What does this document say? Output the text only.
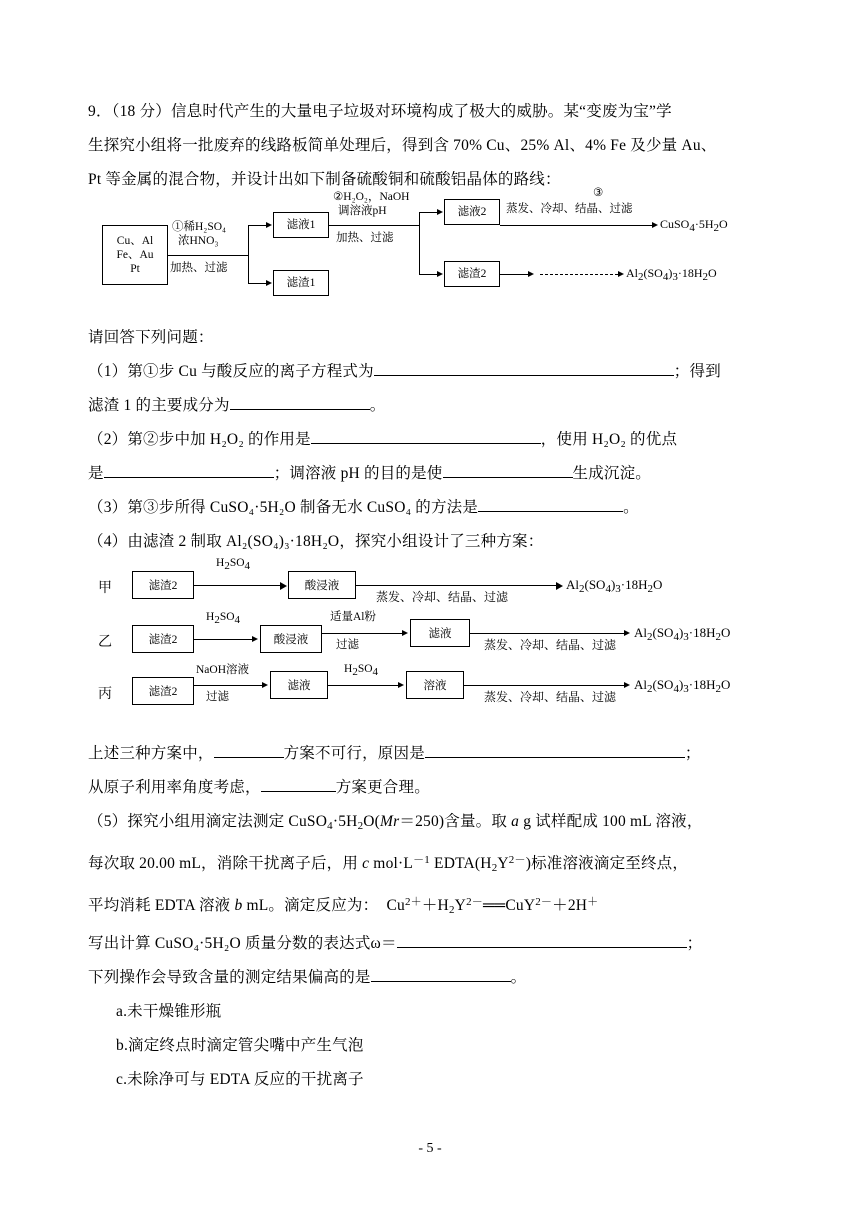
9．（18 分）信息时代产生的大量电子垃圾对环境构成了极大的威胁。某“变废为宝”学
生探究小组将一批废弃的线路板简单处理后，得到含 70% Cu、25% Al、4% Fe 及少量 Au、
Pt 等金属的混合物，并设计出如下制备硫酸铜和硫酸铝晶体的路线：
Cu、Al
Fe、Au
Pt
①稀H₂SO₄
浓HNO₃
加热、过滤
滤液1
滤渣1
②H₂O₂，NaOH
调溶液pH
加热、过滤
滤液2
滤渣2
③
蒸发、冷却、结晶、过滤
CuSO4·5H2O
Al2(SO4)3·18H2O
请回答下列问题：
（1）第①步 Cu 与酸反应的离子方程式为	；得到
滤渣 1 的主要成分为	。
（2）第②步中加 H₂O₂ 的作用是	，使用 H₂O₂ 的优点
是	；调溶液 pH 的目的是使	生成沉淀。
（3）第③步所得 CuSO₄·5H₂O 制备无水 CuSO₄ 的方法是	。
（4）由滤渣 2 制取 Al₂(SO₄)₃·18H₂O，探究小组设计了三种方案：
甲	滤渣2
H2SO4
酸浸液
蒸发、冷却、结晶、过滤
$Al_2(SO_4)_3\cdot 18H_2O$
乙	滤渣2
H2SO4
酸浸液
适量Al粉
过滤
滤液
蒸发、冷却、结晶、过滤
$Al_2(SO_4)_3\cdot 18H_2O$
丙	滤渣2
NaOH溶液
过滤
滤液
H2SO4
溶液
蒸发、冷却、结晶、过滤
$Al_2(SO_4)_3\cdot 18H_2O$
上述三种方案中，	方案不可行，原因是	；
从原子利用率角度考虑，	方案更合理。
（5）探究小组用滴定法测定 $CuSO_4\cdot 5H_2O(Mr=250)$含量。取 a g 试样配成 100 mL 溶液，
每次取 20.00 mL，消除干扰离子后，用 c $mol\cdot L^{-1}$ $EDTA(H_2Y^{2-})$标准溶液滴定至终点，
平均消耗 EDTA 溶液 b mL。滴定反应为：  $Cu^{2+}+H_2Y^{2-}══CuY^{2-}+2H^+$
写出计算 CuSO₄·5H₂O 质量分数的表达式ω＝	；
下列操作会导致含量的测定结果偏高的是	。
a.未干燥锥形瓶
b.滴定终点时滴定管尖嘴中产生气泡
c.未除净可与 EDTA 反应的干扰离子
- 5 -
